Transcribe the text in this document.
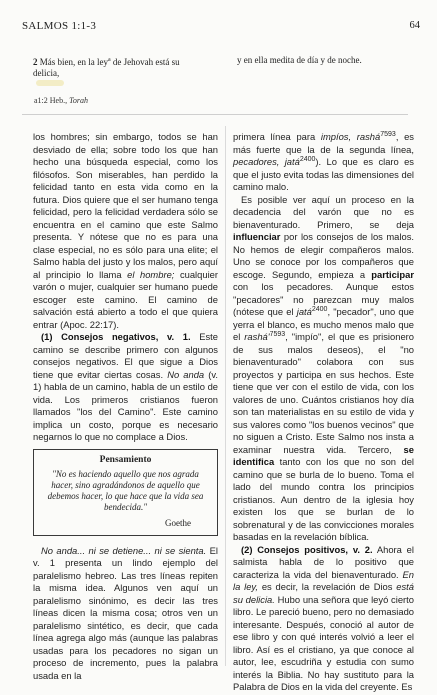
SALMOS 1:1-3	64
2 Más bien, en la ley$^a$ de Jehovah está su delicia,
y en ella medita de día y de noche.
a1:2 Heb., Torah

los hombres; sin embargo, todos se han desviado de ella; sobre todo los que han hecho una búsqueda especial, como los filósofos. Son miserables, han perdido la felicidad tanto en esta vida como en la futura. Dios quiere que el ser humano tenga felicidad, pero la felicidad verdadera sólo se encuentra en el camino que este Salmo presenta. Y nótese que no es para una clase especial, no es sólo para una elite; el Salmo habla del justo y los malos, pero aquí al principio lo llama el hombre; cualquier varón o mujer, cualquier ser humano puede escoger este camino. El camino de salvación está abierto a todo el que quiera entrar (Apoc. 22:17).

(1) Consejos negativos, v. 1. Este camino se describe primero con algunos consejos negativos. El que sigue a Dios tiene que evitar ciertas cosas. No anda (v. 1) habla de un camino, habla de un estilo de vida. Los primeros cristianos fueron llamados "los del Camino". Este camino implica un costo, porque es necesario negarnos lo que no complace a Dios.

Pensamiento
"No es haciendo aquello que nos agrada hacer, sino agradándonos de aquello que debemos hacer, lo que hace que la vida sea bendecida."
Goethe

No anda... ni se detiene... ni se sienta. El v. 1 presenta un lindo ejemplo del paralelismo hebreo. Las tres líneas repiten la misma idea. Algunos ven aquí un paralelismo sinónimo, es decir las tres líneas dicen la misma cosa; otros ven un paralelismo sintético, es decir, que cada línea agrega algo más (aunque las palabras usadas para los pecadores no sigan un proceso de incremento, pues la palabra usada en la

primera línea para impíos, rashá$^{7593}$, es más fuerte que la de la segunda línea, pecadores, jatá$^{2400}$). Lo que es claro es que el justo evita todas las dimensiones del camino malo.

Es posible ver aquí un proceso en la decadencia del varón que no es bienaventurado. Primero, se deja influenciar por los consejos de los malos. No hemos de elegir compañeros malos. Uno se conoce por los compañeros que escoge. Segundo, empieza a participar con los pecadores. Aunque estos "pecadores" no parezcan muy malos (nótese que el jatá$^{2400}$, "pecador", uno que yerra el blanco, es mucho menos malo que el $rashá'^{7593}$, "impío", el que es prisionero de sus malos deseos), el "no bienaventurado" colabora con sus proyectos y participa en sus hechos. Este tiene que ver con el estilo de vida, con los valores de uno. Cuántos cristianos hoy día son tan materialistas en su estilo de vida y sus valores como "los buenos vecinos" que no siguen a Cristo. Este Salmo nos insta a examinar nuestra vida. Tercero, se identifica tanto con los que no son del camino que se burla de lo bueno. Toma el lado del mundo contra los principios cristianos. Aun dentro de la iglesia hoy existen los que se burlan de lo sobrenatural y de las convicciones morales basadas en la revelación bíblica.

(2) Consejos positivos, v. 2. Ahora el salmista habla de lo positivo que caracteriza la vida del bienaventurado. En la ley, es decir, la revelación de Dios está su delicia. Hubo una señora que leyó cierto libro. Le pareció bueno, pero no demasiado interesante. Después, conoció al autor de ese libro y con qué interés volvió a leer el libro. Así es el cristiano, ya que conoce al autor, lee, escudriña y estudia con sumo interés la Biblia. No hay sustituto para la Palabra de Dios en la vida del creyente. Es
